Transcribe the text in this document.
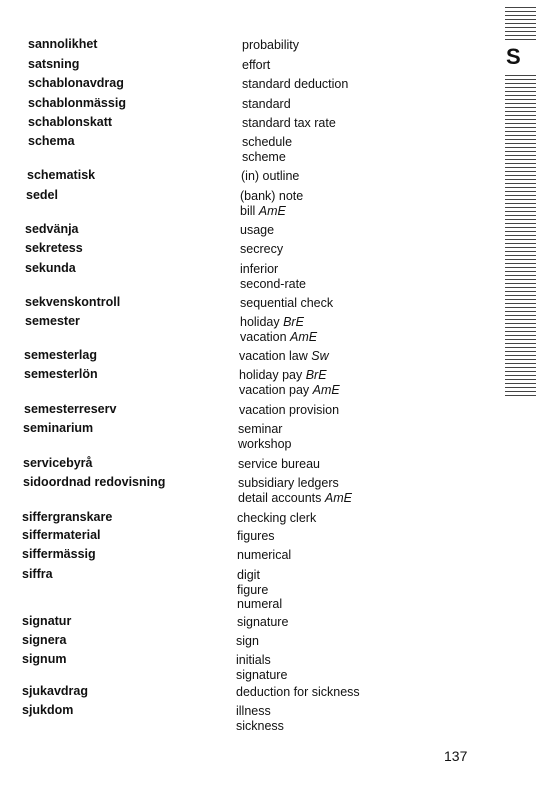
S
sannolikhet	probability
satsning	effort
schablonavdrag	standard deduction
schablonmässig	standard
schablonskatt	standard tax rate
schema	schedule
scheme
schematisk	(in) outline
sedel	(bank) note
bill AmE
sedvänja	usage
sekretess	secrecy
sekunda	inferior
second-rate
sekvenskontroll	sequential check
semester	holiday BrE
vacation AmE
semesterlag	vacation law Sw
semesterlön	holiday pay BrE
vacation pay AmE
semesterreserv	vacation provision
seminarium	seminar
workshop
servicebyrå	service bureau
sidoordnad redovisning	subsidiary ledgers
detail accounts AmE
siffergranskare	checking clerk
siffermaterial	figures
siffermässig	numerical
siffra	digit
figure
numeral
signatur	signature
signera	sign
signum	initials
signature
sjukavdrag	deduction for sickness
sjukdom	illness
sickness
137
